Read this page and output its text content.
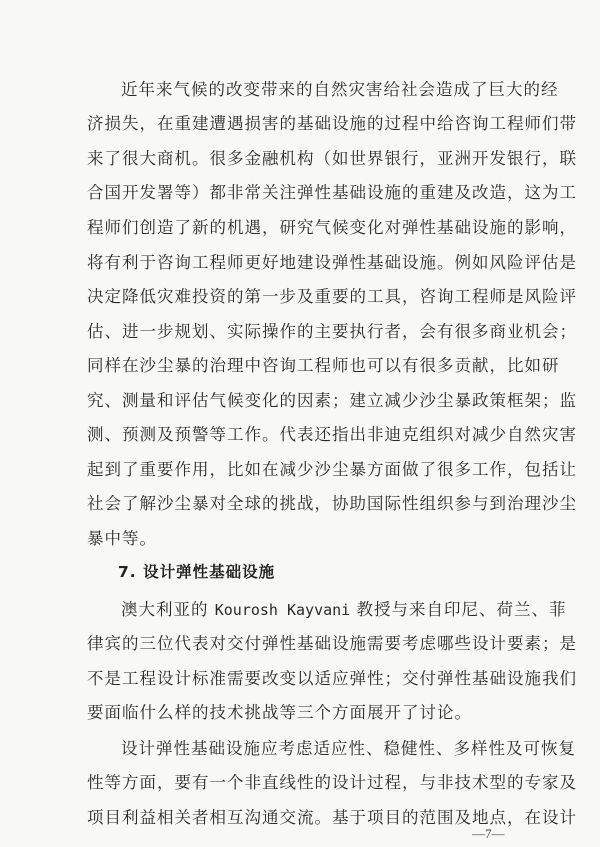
近年来气候的改变带来的自然灾害给社会造成了巨大的经
济损失，在重建遭遇损害的基础设施的过程中给咨询工程师们带
来了很大商机。很多金融机构（如世界银行，亚洲开发银行，联
合国开发署等）都非常关注弹性基础设施的重建及改造，这为工
程师们创造了新的机遇，研究气候变化对弹性基础设施的影响，
将有利于咨询工程师更好地建设弹性基础设施。例如风险评估是
决定降低灾难投资的第一步及重要的工具，咨询工程师是风险评
估、进一步规划、实际操作的主要执行者，会有很多商业机会；
同样在沙尘暴的治理中咨询工程师也可以有很多贡献，比如研
究、测量和评估气候变化的因素；建立减少沙尘暴政策框架；监
测、预测及预警等工作。代表还指出非迪克组织对减少自然灾害
起到了重要作用，比如在减少沙尘暴方面做了很多工作，包括让
社会了解沙尘暴对全球的挑战，协助国际性组织参与到治理沙尘
暴中等。
7. 设计弹性基础设施
澳大利亚的 Kourosh Kayvani 教授与来自印尼、荷兰、菲
律宾的三位代表对交付弹性基础设施需要考虑哪些设计要素；是
不是工程设计标准需要改变以适应弹性；交付弹性基础设施我们
要面临什么样的技术挑战等三个方面展开了讨论。
设计弹性基础设施应考虑适应性、稳健性、多样性及可恢复
性等方面，要有一个非直线性的设计过程，与非技术型的专家及
项目利益相关者相互沟通交流。基于项目的范围及地点，在设计
—7—
